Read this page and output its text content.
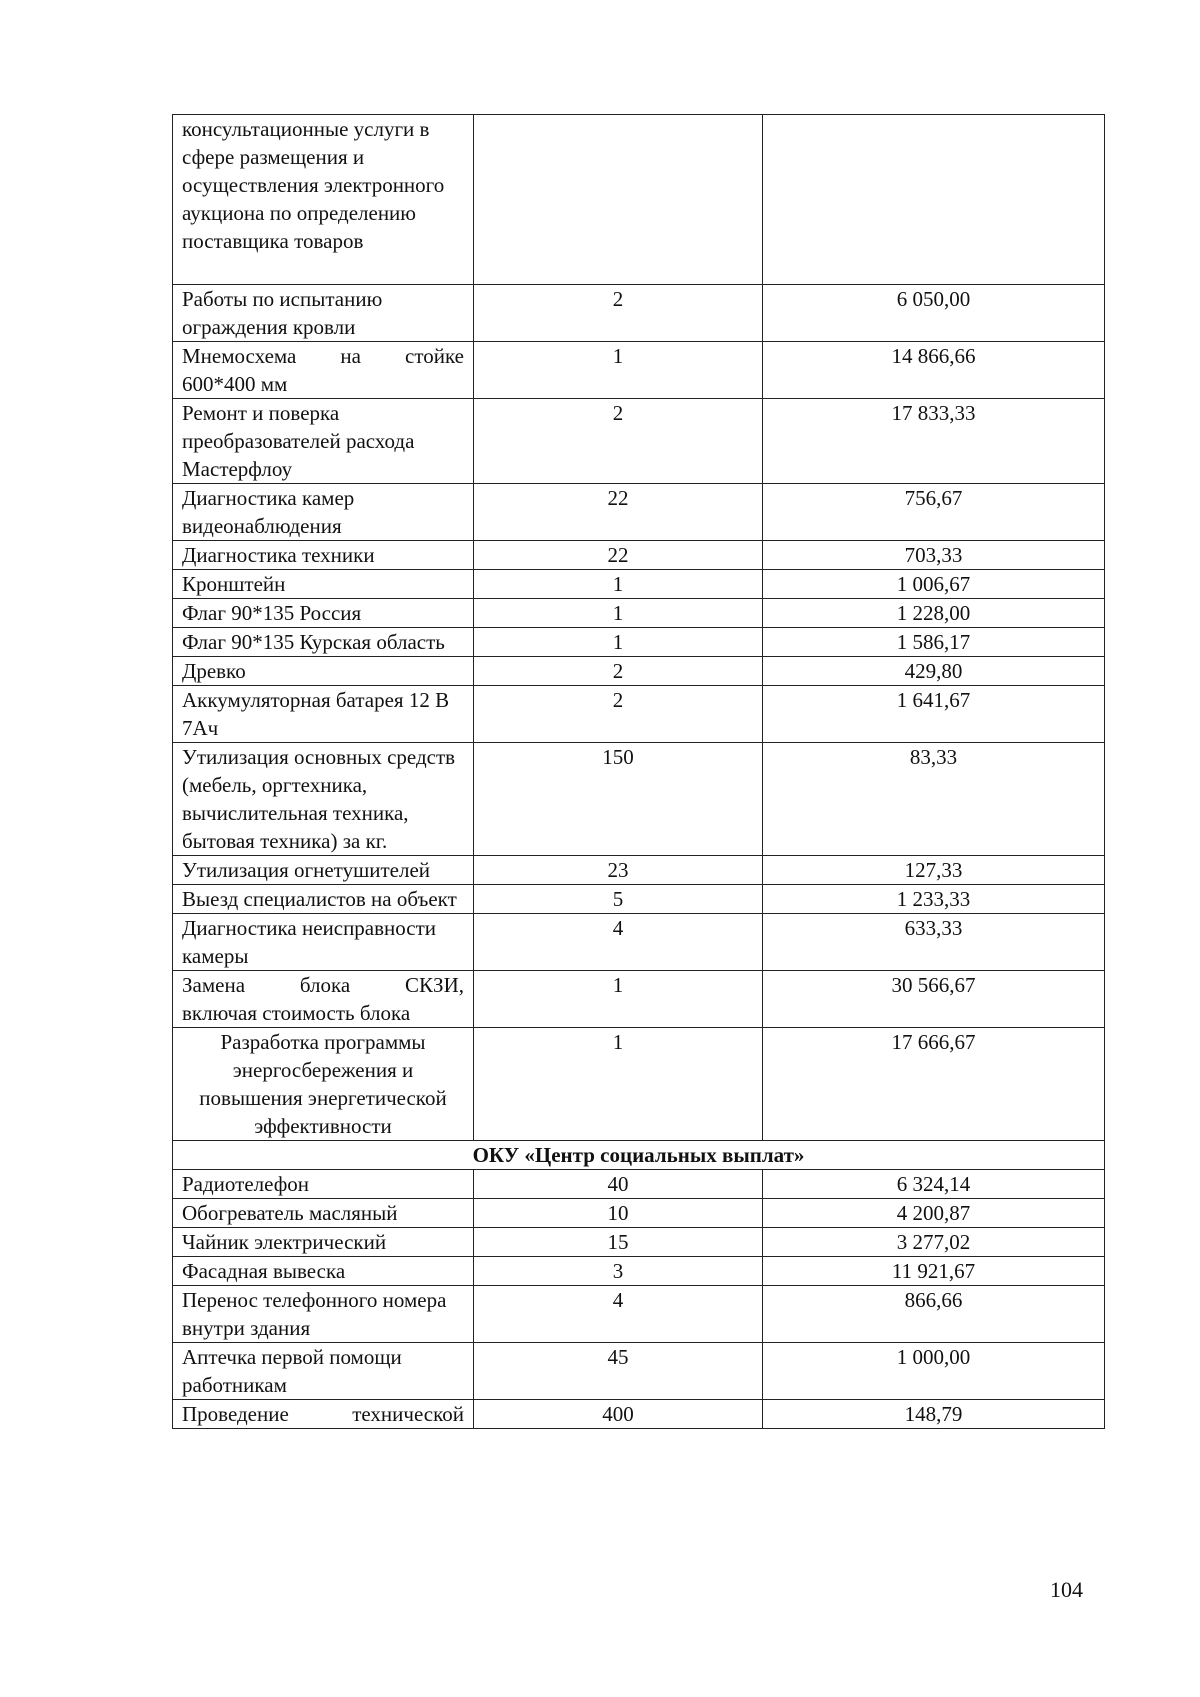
консультационные услуги в сфере размещения и осуществления электронного аукциона по определению поставщика товаров		
Работы по испытанию ограждения кровли	2	6 050,00
Мнемосхема на стойке
600*400 мм	1	14 866,66
Ремонт и поверка преобразователей расхода Мастерфлоу	2	17 833,33
Диагностика камер видеонаблюдения	22	756,67
Диагностика техники	22	703,33
Кронштейн	1	1 006,67
Флаг 90*135 Россия	1	1 228,00
Флаг 90*135 Курская область	1	1 586,17
Древко	2	429,80
Аккумуляторная батарея 12 В 7Ач	2	1 641,67
Утилизация основных средств (мебель, оргтехника, вычислительная техника, бытовая техника) за кг.	150	83,33
Утилизация огнетушителей	23	127,33
Выезд специалистов на объект	5	1 233,33
Диагностика неисправности камеры	4	633,33
Замена блока СКЗИ,
включая стоимость блока	1	30 566,67
Разработка программы энергосбережения и повышения энергетической эффективности	1	17 666,67
ОКУ «Центр социальных выплат»		
Радиотелефон	40	6 324,14
Обогреватель масляный	10	4 200,87
Чайник электрический	15	3 277,02
Фасадная вывеска	3	11 921,67
Перенос телефонного номера внутри здания	4	866,66
Аптечка первой помощи работникам	45	1 000,00
Проведение технической	400	148,79
104
